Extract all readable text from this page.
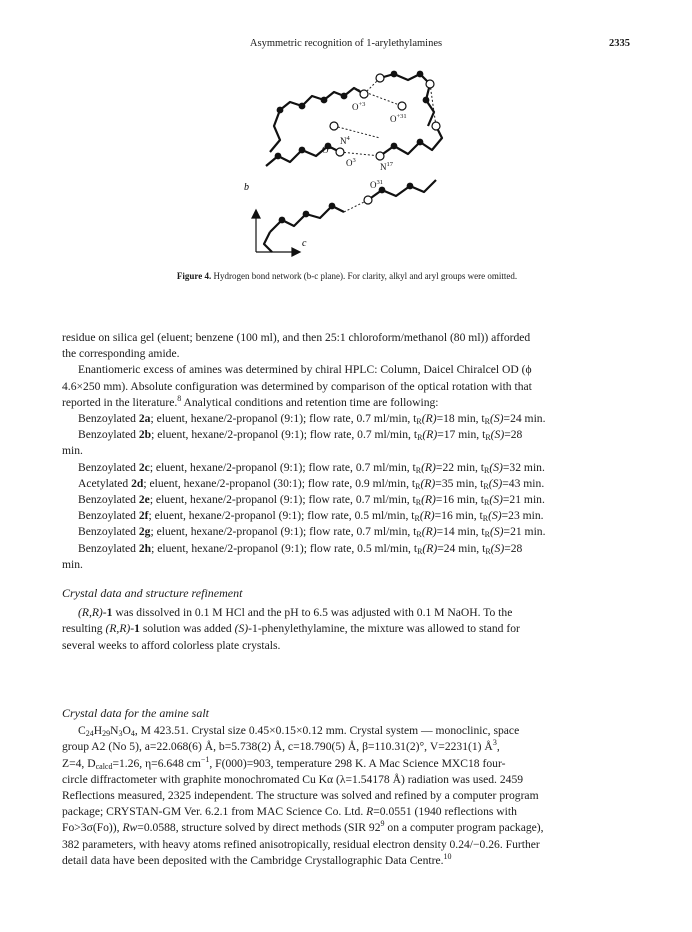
Asymmetric recognition of 1-arylethylamines	2335
$O^{+3}$
$O^{+31}$
$N^4$
$O^1$
$O^3$
$N^{17}$
$O^{31}$
b
c
Figure 4. Hydrogen bond network (b-c plane). For clarity, alkyl and aryl groups were omitted.

residue on silica gel (eluent; benzene (100 ml), and then 25:1 chloroform/methanol (80 ml)) afforded
the corresponding amide.

Enantiomeric excess of amines was determined by chiral HPLC: Column, Daicel Chiralcel OD (ϕ

4.6×250 mm). Absolute configuration was determined by comparison of the optical rotation with that

reported in the literature.$^8$ Analytical conditions and retention time are following:

Benzoylated 2a; eluent, hexane/2-propanol (9:1); flow rate, 0.7 ml/min, $t_R(R)=18$ min, $t_R(S)=24$ min.

Benzoylated 2b; eluent, hexane/2-propanol (9:1); flow rate, 0.7 ml/min, $t_R(R)=17$ min, $t_R(S)=28$

min.

Benzoylated 2c; eluent, hexane/2-propanol (9:1); flow rate, 0.7 ml/min, $t_R(R)=22$ min, $t_R(S)=32$ min.

Acetylated 2d; eluent, hexane/2-propanol (30:1); flow rate, 0.9 ml/min, $t_R(R)=35$ min, $t_R(S)=43$ min.

Benzoylated 2e; eluent, hexane/2-propanol (9:1); flow rate, 0.7 ml/min, $t_R(R)=16$ min, $t_R(S)=21$ min.

Benzoylated 2f; eluent, hexane/2-propanol (9:1); flow rate, 0.5 ml/min, $t_R(R)=16$ min, $t_R(S)=23$ min.

Benzoylated 2g; eluent, hexane/2-propanol (9:1); flow rate, 0.7 ml/min, $t_R(R)=14$ min, $t_R(S)=21$ min.

Benzoylated 2h; eluent, hexane/2-propanol (9:1); flow rate, 0.5 ml/min, $t_R(R)=24$ min, $t_R(S)=28$

min.

Crystal data and structure refinement

(R,R)-1 was dissolved in 0.1 M HCl and the pH to 6.5 was adjusted with 0.1 M NaOH. To the

resulting (R,R)-1 solution was added (S)-1-phenylethylamine, the mixture was allowed to stand for

several weeks to afford colorless plate crystals.

Crystal data for the amine salt

$C_{24}H_{29}N_3O_4$, M 423.51. Crystal size 0.45×0.15×0.12 mm. Crystal system — monoclinic, space

group A2 (No 5), a=22.068(6) Å, b=5.738(2) Å, c=18.790(5) Å, β=110.31(2)°, V=2231(1) $Å^3$,

Z=4, $D_{calcd}=1.26$, η=6.648 $cm^{-1}$, F(000)=903, temperature 298 K. A Mac Science MXC18 four-

circle diffractometer with graphite monochromated Cu Kα (λ=1.54178 Å) radiation was used. 2459

Reflections measured, 2325 independent. The structure was solved and refined by a computer program

package; CRYSTAN-GM Ver. 6.2.1 from MAC Science Co. Ltd. R=0.0551 (1940 reflections with

Fo>3σ(Fo)), Rw=0.0588, structure solved by direct methods (SIR $92^9$ on a computer program package),

382 parameters, with heavy atoms refined anisotropically, residual electron density 0.24/−0.26. Further

detail data have been deposited with the Cambridge Crystallographic Data Centre.$^{10}$
